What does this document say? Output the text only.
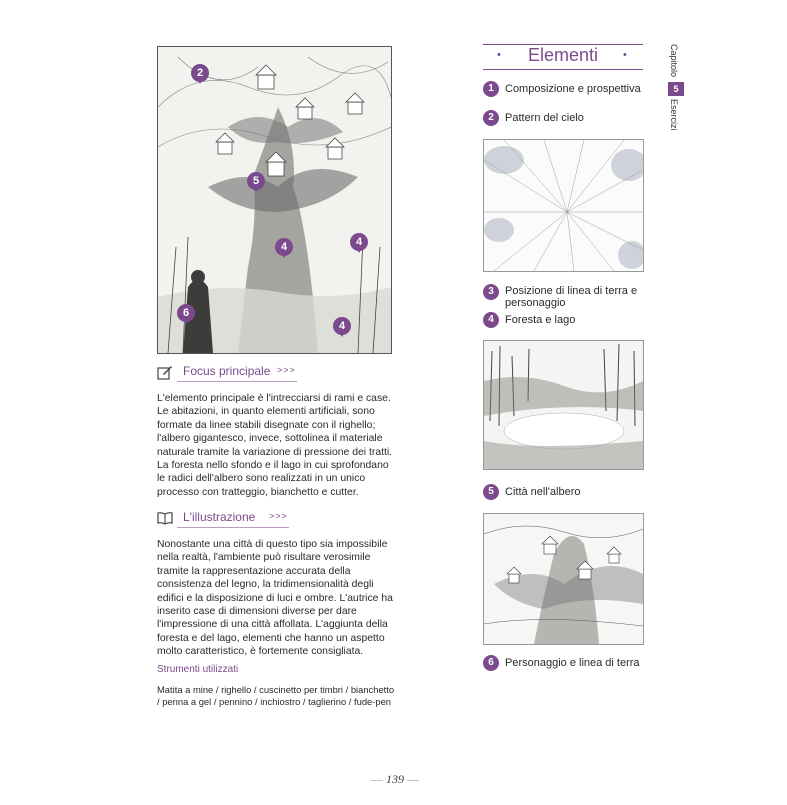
2
5
4	4
6
4
Focus principale >>>
L'elemento principale è l'intrecciarsi di rami e case. Le abitazioni, in quanto elementi artificiali, sono formate da linee stabili disegnate con il righello; l'albero gigantesco, invece, sottolinea il materiale naturale tramite la variazione di pressione dei tratti. La foresta nello sfondo e il lago in cui sprofondano le radici dell'albero sono realizzati in un unico processo con tratteggio, bianchetto e cutter.
L'illustrazione >>>
Nonostante una città di questo tipo sia impossibile nella realtà, l'ambiente può risultare verosimile tramite la rappresentazione accurata della consistenza del legno, la tridimensionalità degli edifici e la disposizione di luci e ombre. L'autrice ha inserito case di dimensioni diverse per dare l'impressione di una città affollata. L'aggiunta della foresta e del lago, elementi che hanno un aspetto molto caratteristico, è fortemente consigliata.
Strumenti utilizzati
Matita a mine / righello / cuscinetto per timbri / bianchetto / penna a gel / pennino / inchiostro / taglierino / fude-pen
•	Elementi	•
1	Composizione e prospettiva
2	Pattern del cielo
3	Posizione di linea di terra e personaggio
4	Foresta e lago
5	Città nell'albero
6	Personaggio e linea di terra
Capitolo
5
Esercizi
— 139 —
